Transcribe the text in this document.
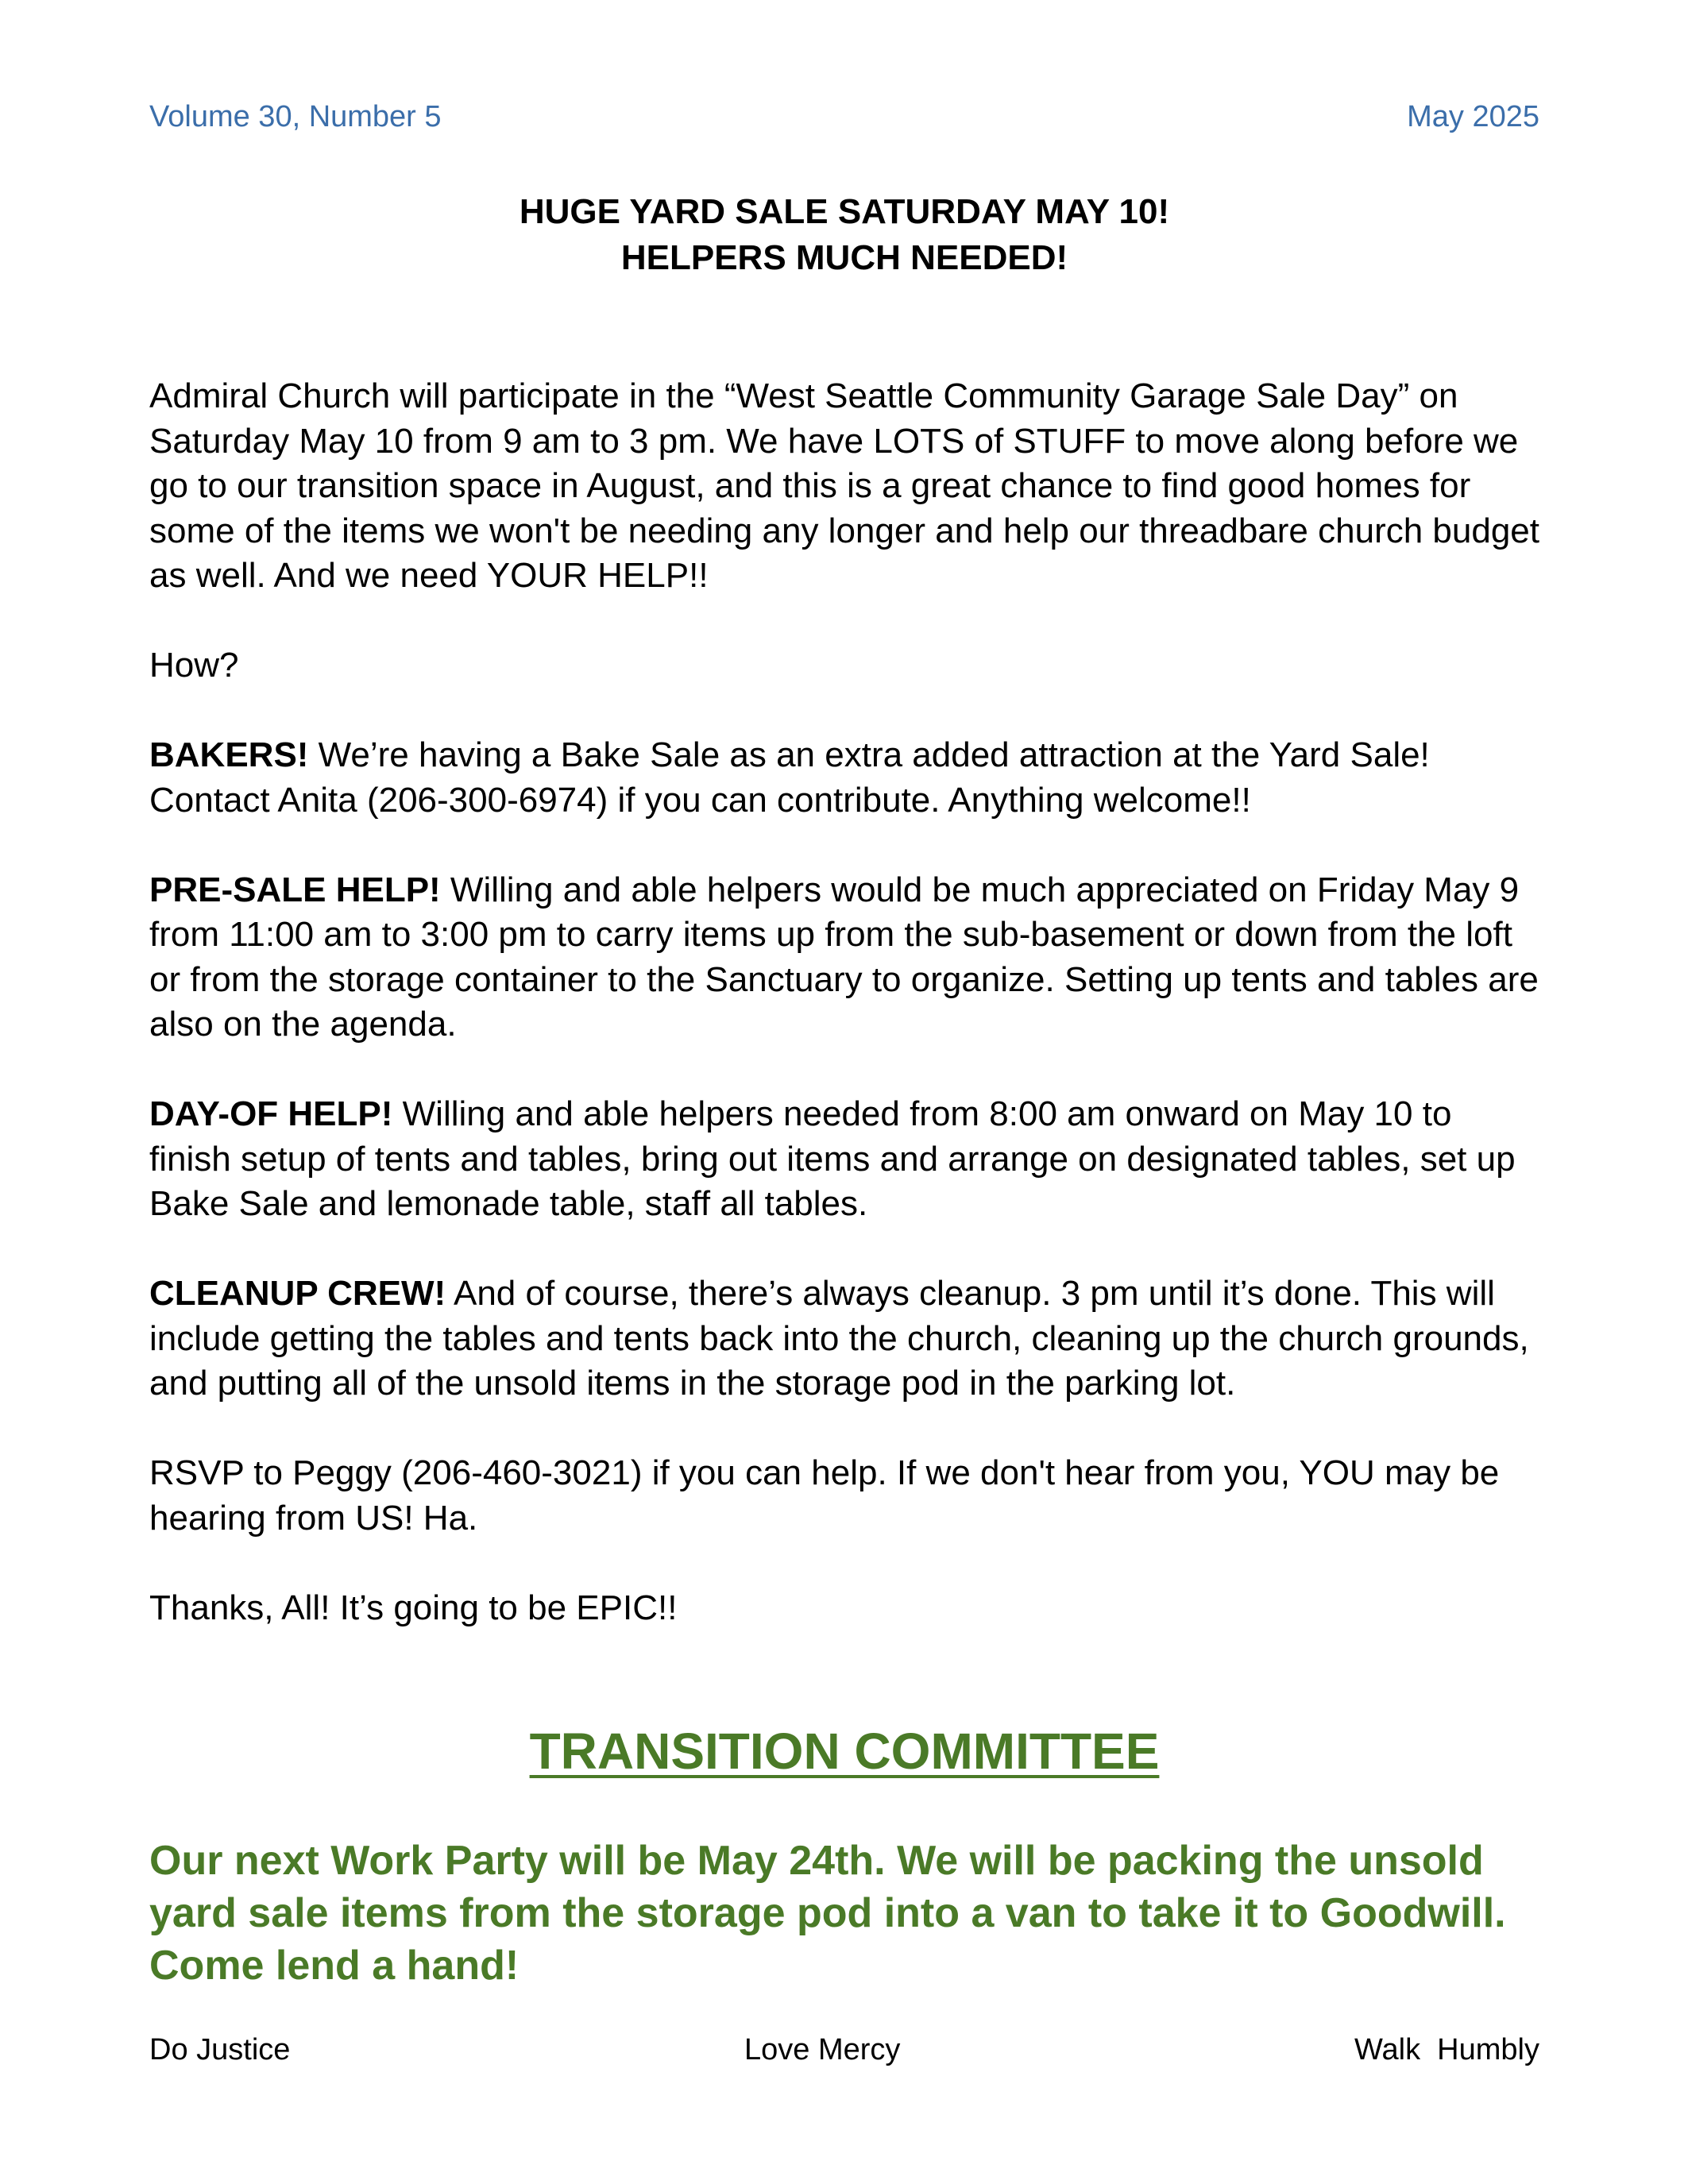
Volume 30, Number 5	May 2025
HUGE YARD SALE SATURDAY MAY 10!
HELPERS MUCH NEEDED!

Admiral Church will participate in the “West Seattle Community Garage Sale Day” on Saturday May 10 from 9 am to 3 pm. We have LOTS of STUFF to move along before we go to our transition space in August, and this is a great chance to find good homes for some of the items we won't be needing any longer and help our threadbare church budget as well. And we need YOUR HELP!!

How?

BAKERS! We’re having a Bake Sale as an extra added attraction at the Yard Sale! Contact Anita (206-300-6974) if you can contribute. Anything welcome!!

PRE-SALE HELP! Willing and able helpers would be much appreciated on Friday May 9 from 11:00 am to 3:00 pm to carry items up from the sub-basement or down from the loft or from the storage container to the Sanctuary to organize. Setting up tents and tables are also on the agenda.

DAY-OF HELP! Willing and able helpers needed from 8:00 am onward on May 10 to finish setup of tents and tables, bring out items and arrange on designated tables, set up Bake Sale and lemonade table, staff all tables.

CLEANUP CREW! And of course, there’s always cleanup. 3 pm until it’s done. This will include getting the tables and tents back into the church, cleaning up the church grounds, and putting all of the unsold items in the storage pod in the parking lot.

RSVP to Peggy (206-460-3021) if you can help. If we don't hear from you, YOU may be hearing from US! Ha.

Thanks, All! It’s going to be EPIC!!

TRANSITION COMMITTEE
Our next Work Party will be May 24th. We will be packing the unsold yard sale items from the storage pod into a van to take it to Goodwill. Come lend a hand!
Do Justice	Love Mercy	Walk  Humbly
